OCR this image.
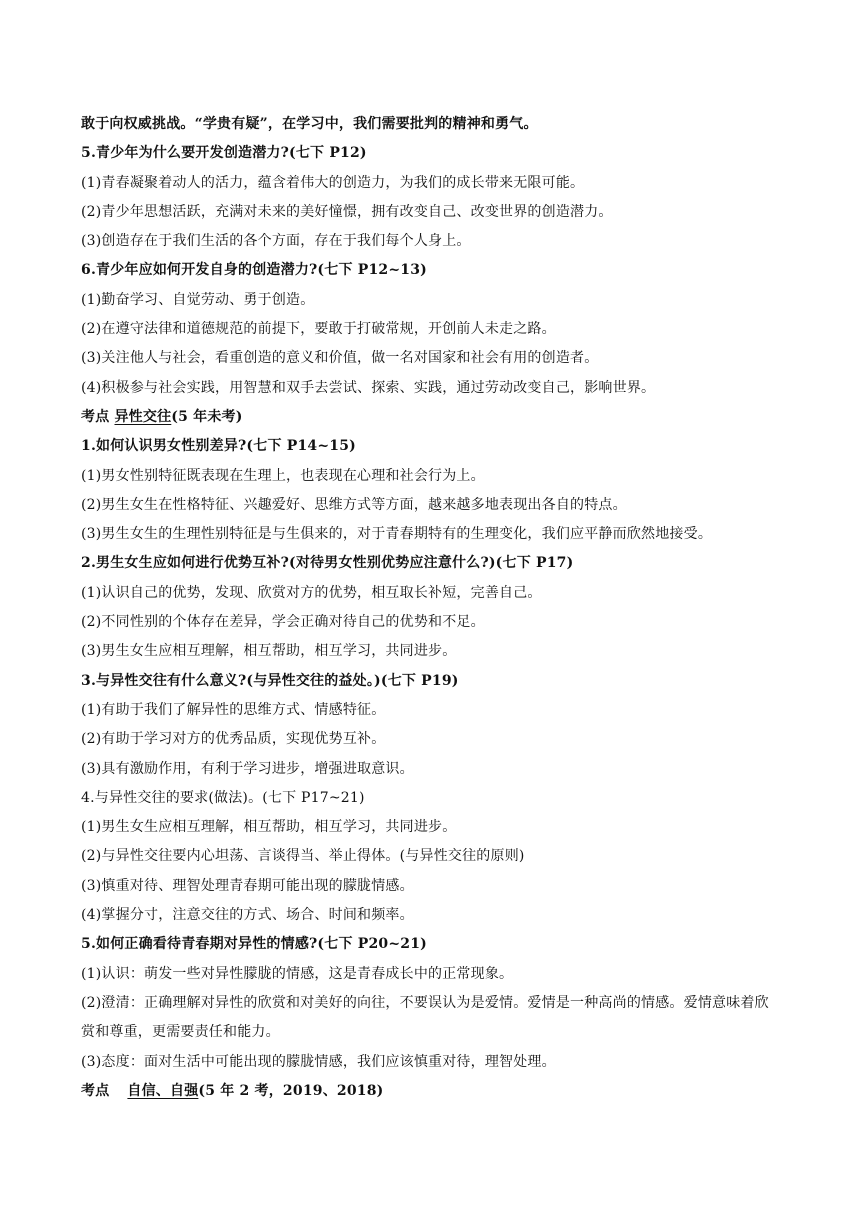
敢于向权威挑战。“学贵有疑”，在学习中，我们需要批判的精神和勇气。
5.青少年为什么要开发创造潜力?(七下 P12)
(1)青春凝聚着动人的活力，蕴含着伟大的创造力，为我们的成长带来无限可能。
(2)青少年思想活跃，充满对未来的美好憧憬，拥有改变自己、改变世界的创造潜力。
(3)创造存在于我们生活的各个方面，存在于我们每个人身上。
6.青少年应如何开发自身的创造潜力?(七下 P12~13)
(1)勤奋学习、自觉劳动、勇于创造。
(2)在遵守法律和道德规范的前提下，要敢于打破常规，开创前人未走之路。
(3)关注他人与社会，看重创造的意义和价值，做一名对国家和社会有用的创造者。
(4)积极参与社会实践，用智慧和双手去尝试、探索、实践，通过劳动改变自己，影响世界。
考点 异性交往(5 年未考)
1.如何认识男女性别差异?(七下 P14~15)
(1)男女性别特征既表现在生理上，也表现在心理和社会行为上。
(2)男生女生在性格特征、兴趣爱好、思维方式等方面，越来越多地表现出各自的特点。
(3)男生女生的生理性别特征是与生俱来的，对于青春期特有的生理变化，我们应平静而欣然地接受。
2.男生女生应如何进行优势互补?(对待男女性别优势应注意什么?)(七下 P17)
(1)认识自己的优势，发现、欣赏对方的优势，相互取长补短，完善自己。
(2)不同性别的个体存在差异，学会正确对待自己的优势和不足。
(3)男生女生应相互理解，相互帮助，相互学习，共同进步。
3.与异性交往有什么意义?(与异性交往的益处。)(七下 P19)
(1)有助于我们了解异性的思维方式、情感特征。
(2)有助于学习对方的优秀品质，实现优势互补。
(3)具有激励作用，有利于学习进步，增强进取意识。
4.与异性交往的要求(做法)。(七下 P17~21)
(1)男生女生应相互理解，相互帮助，相互学习，共同进步。
(2)与异性交往要内心坦荡、言谈得当、举止得体。(与异性交往的原则)
(3)慎重对待、理智处理青春期可能出现的朦胧情感。
(4)掌握分寸，注意交往的方式、场合、时间和频率。
5.如何正确看待青春期对异性的情感?(七下 P20~21)
(1)认识：萌发一些对异性朦胧的情感，这是青春成长中的正常现象。
(2)澄清：正确理解对异性的欣赏和对美好的向往，不要误认为是爱情。爱情是一种高尚的情感。爱情意味着欣赏和尊重，更需要责任和能力。
(3)态度：面对生活中可能出现的朦胧情感，我们应该慎重对待，理智处理。
考点 自信、自强(5 年 2 考，2019、2018)
